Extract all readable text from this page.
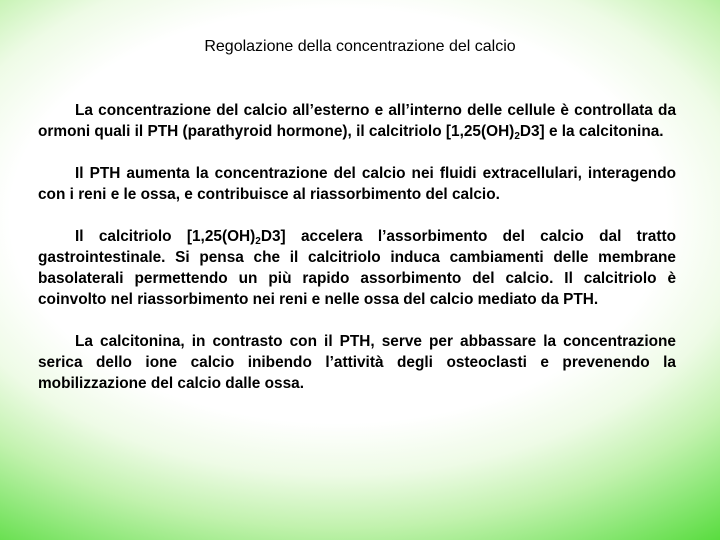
Regolazione della concentrazione del calcio

La concentrazione del calcio all’esterno e all’interno delle cellule è controllata da ormoni quali il PTH (parathyroid hormone), il calcitriolo $[1,25(OH)_2D3]$ e la calcitonina.

Il PTH aumenta la concentrazione del calcio nei fluidi extracellulari, interagendo con i reni e le ossa, e contribuisce al riassorbimento del calcio.

Il calcitriolo $[1,25(OH)_2D3]$ accelera l’assorbimento del calcio dal tratto gastrointestinale. Si pensa che il calcitriolo induca cambiamenti delle membrane basolaterali permettendo un più rapido assorbimento del calcio. Il calcitriolo è coinvolto nel riassorbimento nei reni e nelle ossa del calcio mediato da PTH.

La calcitonina, in contrasto con il PTH, serve per abbassare la concentrazione serica dello ione calcio inibendo l’attività degli osteoclasti e prevenendo la mobilizzazione del calcio dalle ossa.
